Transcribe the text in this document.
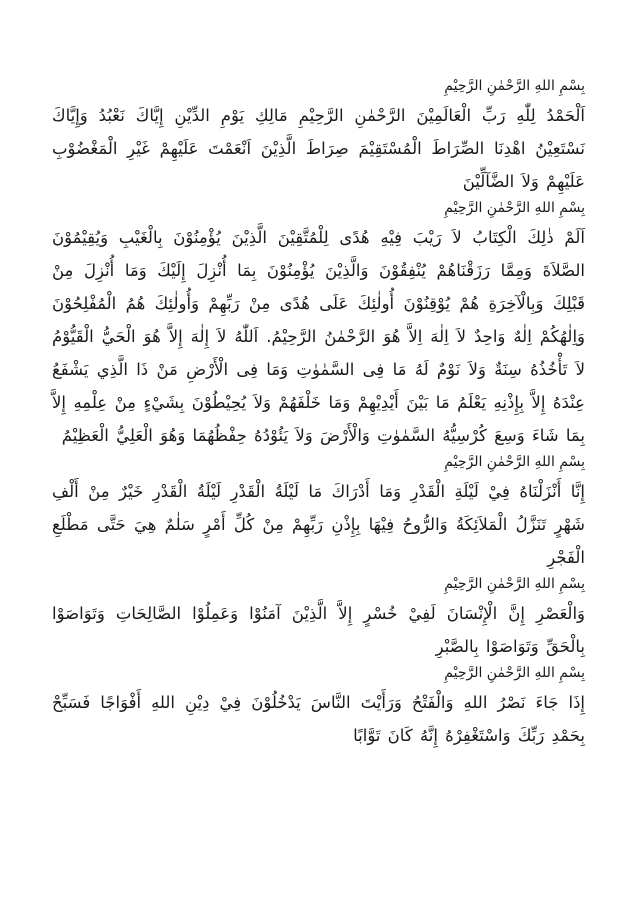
بِسْمِ اللهِ الرَّحْمٰنِ الرَّحِيْمِ
اَلْحَمْدُ لِلّٰهِ رَبِّ الْعَالَمِيْنَ الرَّحْمٰنِ الرَّحِيْمِ مَالِكِ يَوْمِ الدِّيْنِ إِيَّاكَ نَعْبُدُ وَإِيَّاكَ نَسْتَعِيْنُ اهْدِنَا الصِّرَاطَ الْمُسْتَقِيْمَ صِرَاطَ الَّذِيْنَ اَنْعَمْتَ عَلَيْهِمْ غَيْرِ الْمَغْضُوْبِ عَلَيْهِمْ وَلاَ الضَّآلِّيْنَ
بِسْمِ اللهِ الرَّحْمٰنِ الرَّحِيْمِ
اَلَمْ ذٰلِكَ الْكِتَابُ لاَ رَيْبَ فِيْهِ هُدًى لِلْمُتَّقِيْنَ الَّذِيْنَ يُؤْمِنُوْنَ بِالْغَيْبِ وَيُقِيْمُوْنَ الصَّلاَةَ وَمِمَّا رَزَقْنَاهُمْ يُنْفِقُوْنَ وَالَّذِيْنَ يُؤْمِنُوْنَ بِمَا أُنْزِلَ إِلَيْكَ وَمَا أُنْزِلَ مِنْ قَبْلِكَ وَبِالْآخِرَةِ هُمْ يُوْقِنُوْنَ أُولٰئِكَ عَلَى هُدًى مِنْ رَبِّهِمْ وَأُولٰئِكَ هُمُ الْمُفْلِحُوْنَ وَاِلٰهُكُمْ اِلٰهٌ وَاحِدٌ لاَ اِلٰهَ اِلاَّ هُوَ الرَّحْمٰنُ الرَّحِيْمُ. اَللّٰهُ لاَ إِلٰهَ إِلاَّ هُوَ الْحَيُّ الْقَيُّوْمُ لاَ تَأْخُذُهُ سِنَةٌ وَلاَ نَوْمٌ لَهُ مَا فِى السَّمٰوٰتِ وَمَا فِى الْأَرْضِ مَنْ ذَا الَّذِي يَشْفَعُ عِنْدَهُ إِلاَّ بِإِذْنِهِ يَعْلَمُ مَا بَيْنَ أَيْدِيْهِمْ وَمَا خَلْفَهُمْ وَلاَ يُحِيْطُوْنَ بِشَيْءٍ مِنْ عِلْمِهِ إِلاَّ بِمَا شَاءَ وَسِعَ كُرْسِيُّهُ السَّمٰوٰتِ وَالْأَرْضَ وَلاَ يَئُوْدُهُ حِفْظُهُمَا وَهُوَ الْعَلِيُّ الْعَظِيْمُ
بِسْمِ اللهِ الرَّحْمٰنِ الرَّحِيْمِ
إِنَّا أَنْزَلْنَاهُ فِيْ لَيْلَةِ الْقَدْرِ وَمَا أَدْرَاكَ مَا لَيْلَةُ الْقَدْرِ لَيْلَةُ الْقَدْرِ خَيْرٌ مِنْ أَلْفِ شَهْرٍ تَنَزَّلُ الْمَلاَئِكَةُ وَالرُّوحُ فِيْهَا بِإِذْنِ رَبِّهِمْ مِنْ كُلِّ أَمْرٍ سَلٰمٌ هِيَ حَتَّى مَطْلَعِ الْفَجْرِ
بِسْمِ اللهِ الرَّحْمٰنِ الرَّحِيْمِ
وَالْعَصْرِ إِنَّ الْإِنْسَانَ لَفِيْ خُسْرٍ إِلاَّ الَّذِيْنَ آمَنُوْا وَعَمِلُوْا الصَّالِحَاتِ وَتَوَاصَوْا بِالْحَقِّ وَتَوَاصَوْا بِالصَّبْرِ
بِسْمِ اللهِ الرَّحْمٰنِ الرَّحِيْمِ
إِذَا جَاءَ نَصْرُ اللهِ وَالْفَتْحُ وَرَأَيْتَ النَّاسَ يَدْخُلُوْنَ فِيْ دِيْنِ اللهِ أَفْوَاجًا فَسَبِّحْ بِحَمْدِ رَبِّكَ وَاسْتَغْفِرْهُ إِنَّهُ كَانَ تَوَّابًا
